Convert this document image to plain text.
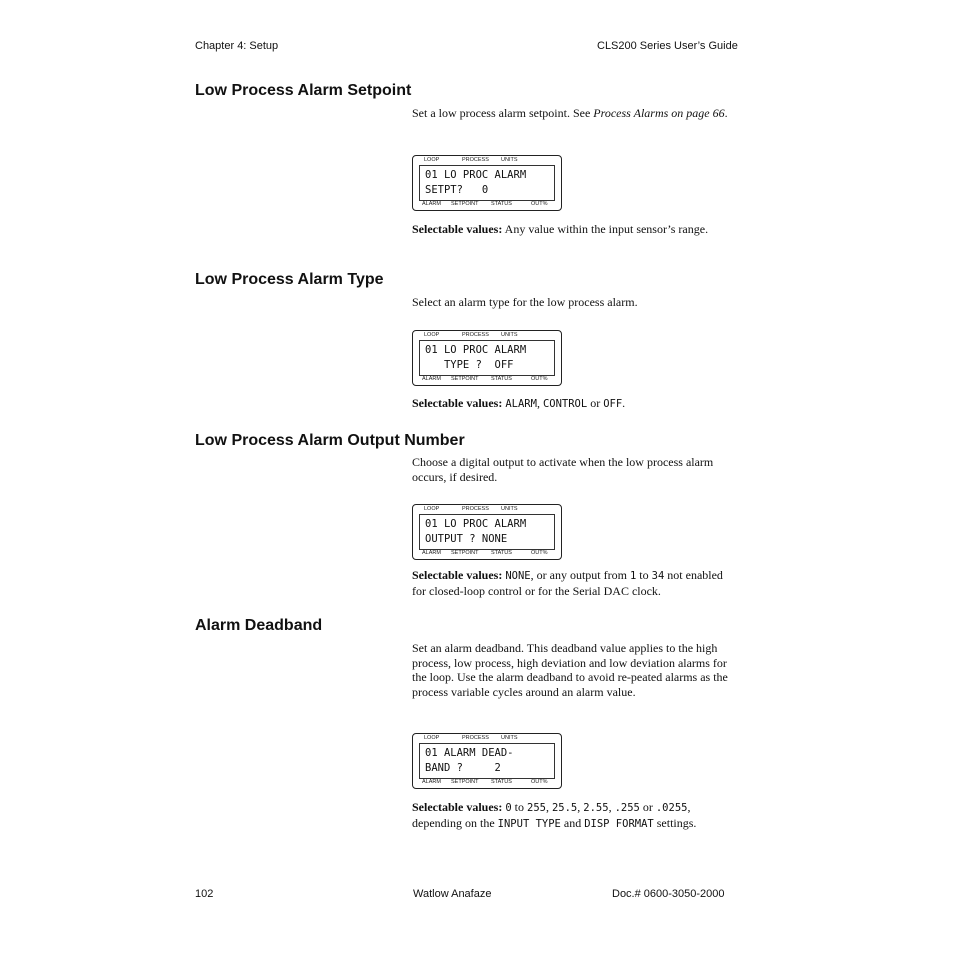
Chapter 4: Setup	CLS200 Series User’s Guide
Low Process Alarm Setpoint

Set a low process alarm setpoint. See Process Alarms on page 66.

LOOP	PROCESS UNITS
01 LO PROC ALARM
SETPT?   0
ALARM SETPOINT STATUS	OUT%

Selectable values: Any value within the input sensor’s range.

Low Process Alarm Type

Select an alarm type for the low process alarm.

LOOP	PROCESS UNITS
01 LO PROC ALARM
TYPE ?  OFF
ALARM SETPOINT STATUS	OUT%

Selectable values: ALARM, CONTROL or OFF.

Low Process Alarm Output Number

Choose a digital output to activate when the low process alarm occurs, if desired.

LOOP	PROCESS UNITS
01 LO PROC ALARM
OUTPUT ? NONE
ALARM SETPOINT STATUS	OUT%

Selectable values: NONE, or any output from 1 to 34 not enabled for closed-loop control or for the Serial DAC clock.

Alarm Deadband

Set an alarm deadband. This deadband value applies to the high process, low process, high deviation and low deviation alarms for the loop. Use the alarm deadband to avoid re-peated alarms as the process variable cycles around an alarm value.

LOOP	PROCESS UNITS
01 ALARM DEAD-
BAND ?     2
ALARM SETPOINT STATUS	OUT%

Selectable values: 0 to 255, 25.5, 2.55, .255 or .0255, depending on the INPUT TYPE and DISP FORMAT settings.

102	Watlow Anafaze	Doc.# 0600-3050-2000
